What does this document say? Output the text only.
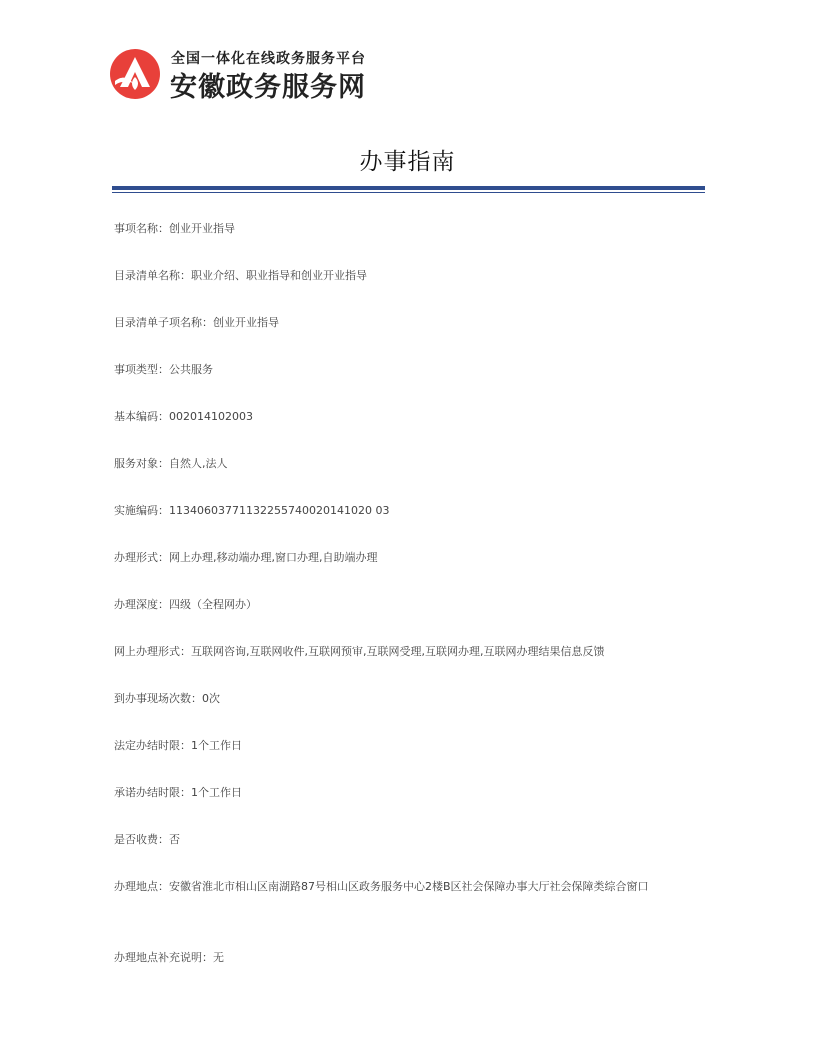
全国一体化在线政务服务平台
安徽政务服务网
办事指南
事项名称：创业开业指导
目录清单名称：职业介绍、职业指导和创业开业指导
目录清单子项名称：创业开业指导
事项类型：公共服务
基本编码：002014102003
服务对象：自然人,法人
实施编码：11340603771132255740020141020 03
办理形式：网上办理,移动端办理,窗口办理,自助端办理
办理深度：四级（全程网办）
网上办理形式：互联网咨询,互联网收件,互联网预审,互联网受理,互联网办理,互联网办理结果信息反馈
到办事现场次数：0次
法定办结时限：1个工作日
承诺办结时限：1个工作日
是否收费：否
办理地点：安徽省淮北市相山区南湖路87号相山区政务服务中心2楼B区社会保障办事大厅社会保障类综合窗口
办理地点补充说明：无
